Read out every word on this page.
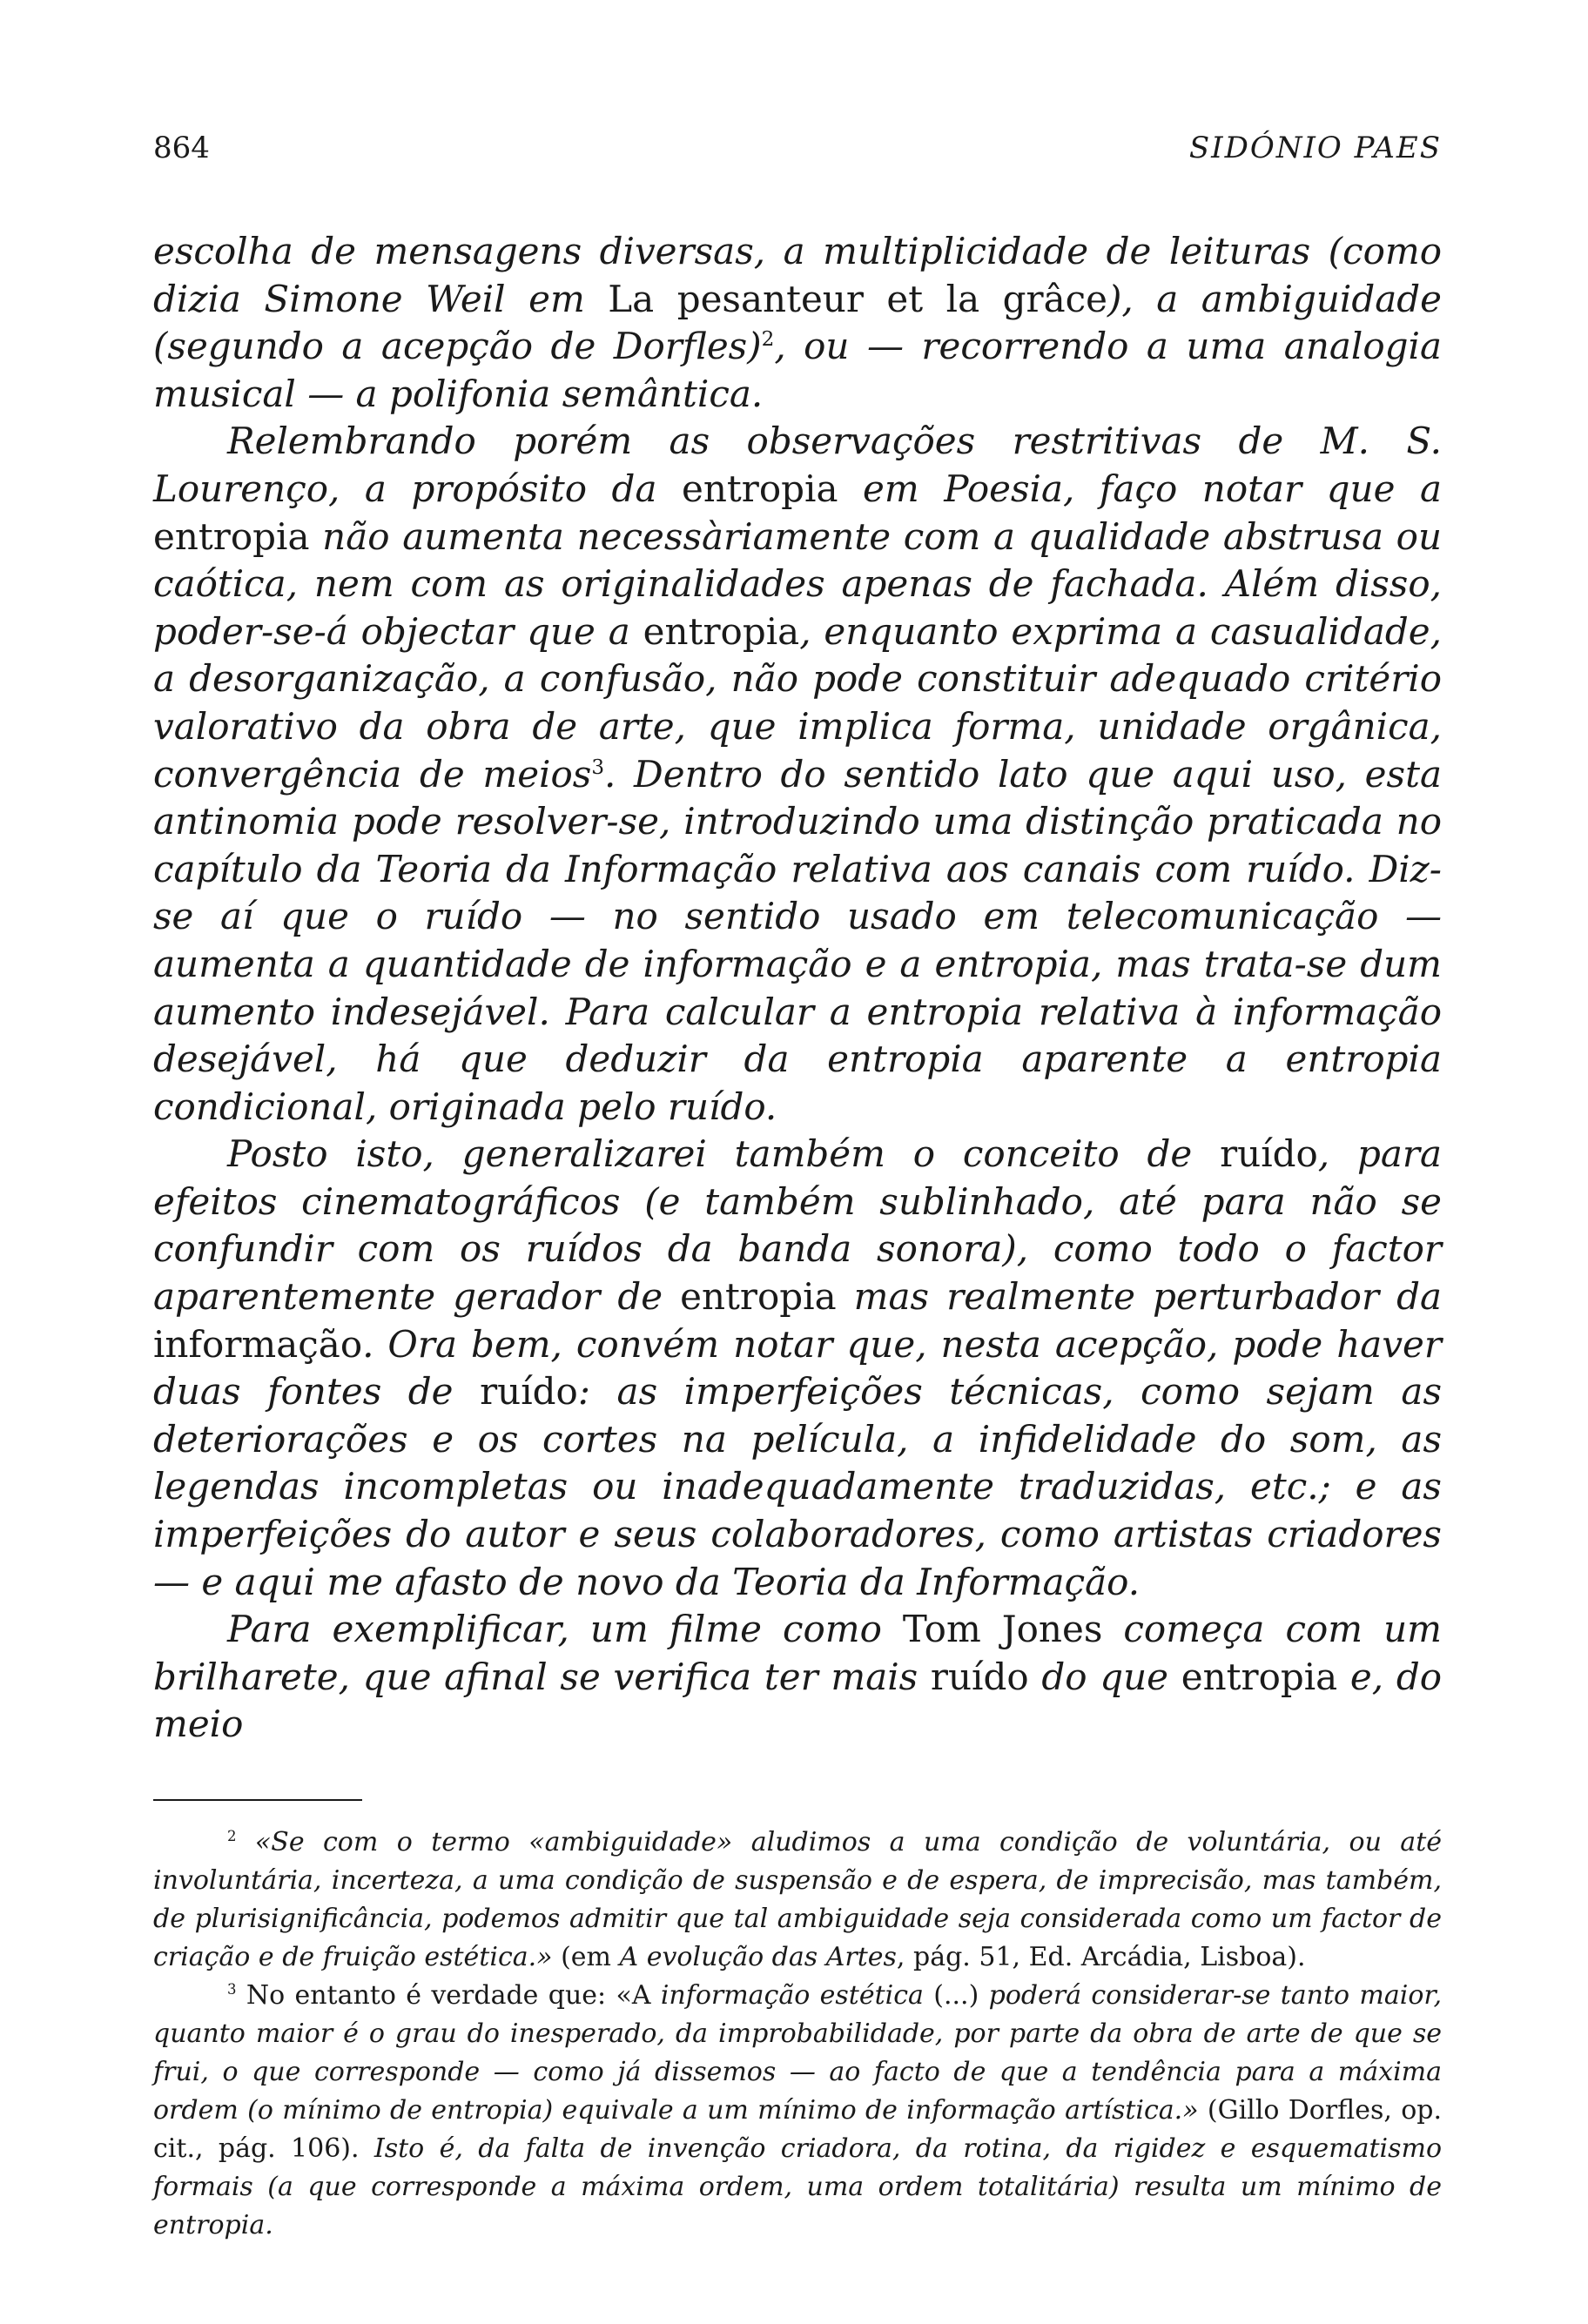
864	SIDÓNIO PAES

escolha de mensagens diversas, a multiplicidade de leituras (como dizia Simone Weil em La pesanteur et la grâce), a ambiguidade (segundo a acepção de Dorfles)$^2$, ou — recorrendo a uma analogia musical — a polifonia semântica.

Relembrando porém as observações restritivas de M. S. Lourenço, a propósito da entropia em Poesia, faço notar que a entropia não aumenta necessàriamente com a qualidade abstrusa ou caótica, nem com as originalidades apenas de fachada. Além disso, poder-se-á objectar que a entropia, enquanto exprima a casualidade, a desorganização, a confusão, não pode constituir adequado critério valorativo da obra de arte, que implica forma, unidade orgânica, convergência de meios$^3$. Dentro do sentido lato que aqui uso, esta antinomia pode resolver-se, introduzindo uma distinção praticada no capítulo da Teoria da Informação relativa aos canais com ruído. Diz-se aí que o ruído — no sentido usado em telecomunicação — aumenta a quantidade de informação e a entropia, mas trata-se dum aumento indesejável. Para calcular a entropia relativa à informação desejável, há que deduzir da entropia aparente a entropia condicional, originada pelo ruído.

Posto isto, generalizarei também o conceito de ruído, para efeitos cinematográficos (e também sublinhado, até para não se confundir com os ruídos da banda sonora), como todo o factor aparentemente gerador de entropia mas realmente perturbador da informação. Ora bem, convém notar que, nesta acepção, pode haver duas fontes de ruído: as imperfeições técnicas, como sejam as deteriorações e os cortes na película, a infidelidade do som, as legendas incompletas ou inadequadamente traduzidas, etc.; e as imperfeições do autor e seus colaboradores, como artistas criadores — e aqui me afasto de novo da Teoria da Informação.

Para exemplificar, um filme como Tom Jones começa com um brilharete, que afinal se verifica ter mais ruído do que entropia e, do meio

$^2$ «Se com o termo «ambiguidade» aludimos a uma condição de voluntária, ou até involuntária, incerteza, a uma condição de suspensão e de espera, de imprecisão, mas também, de plurisignificância, podemos admitir que tal ambiguidade seja considerada como um factor de criação e de fruição estética.» (em A evolução das Artes, pág. 51, Ed. Arcádia, Lisboa).

$^3$ No entanto é verdade que: «A informação estética (...) poderá considerar-se tanto maior, quanto maior é o grau do inesperado, da improbabilidade, por parte da obra de arte de que se frui, o que corresponde — como já dissemos — ao facto de que a tendência para a máxima ordem (o mínimo de entropia) equivale a um mínimo de informação artística.» (Gillo Dorfles, op. cit., pág. 106). Isto é, da falta de invenção criadora, da rotina, da rigidez e esquematismo formais (a que corresponde a máxima ordem, uma ordem totalitária) resulta um mínimo de entropia.
